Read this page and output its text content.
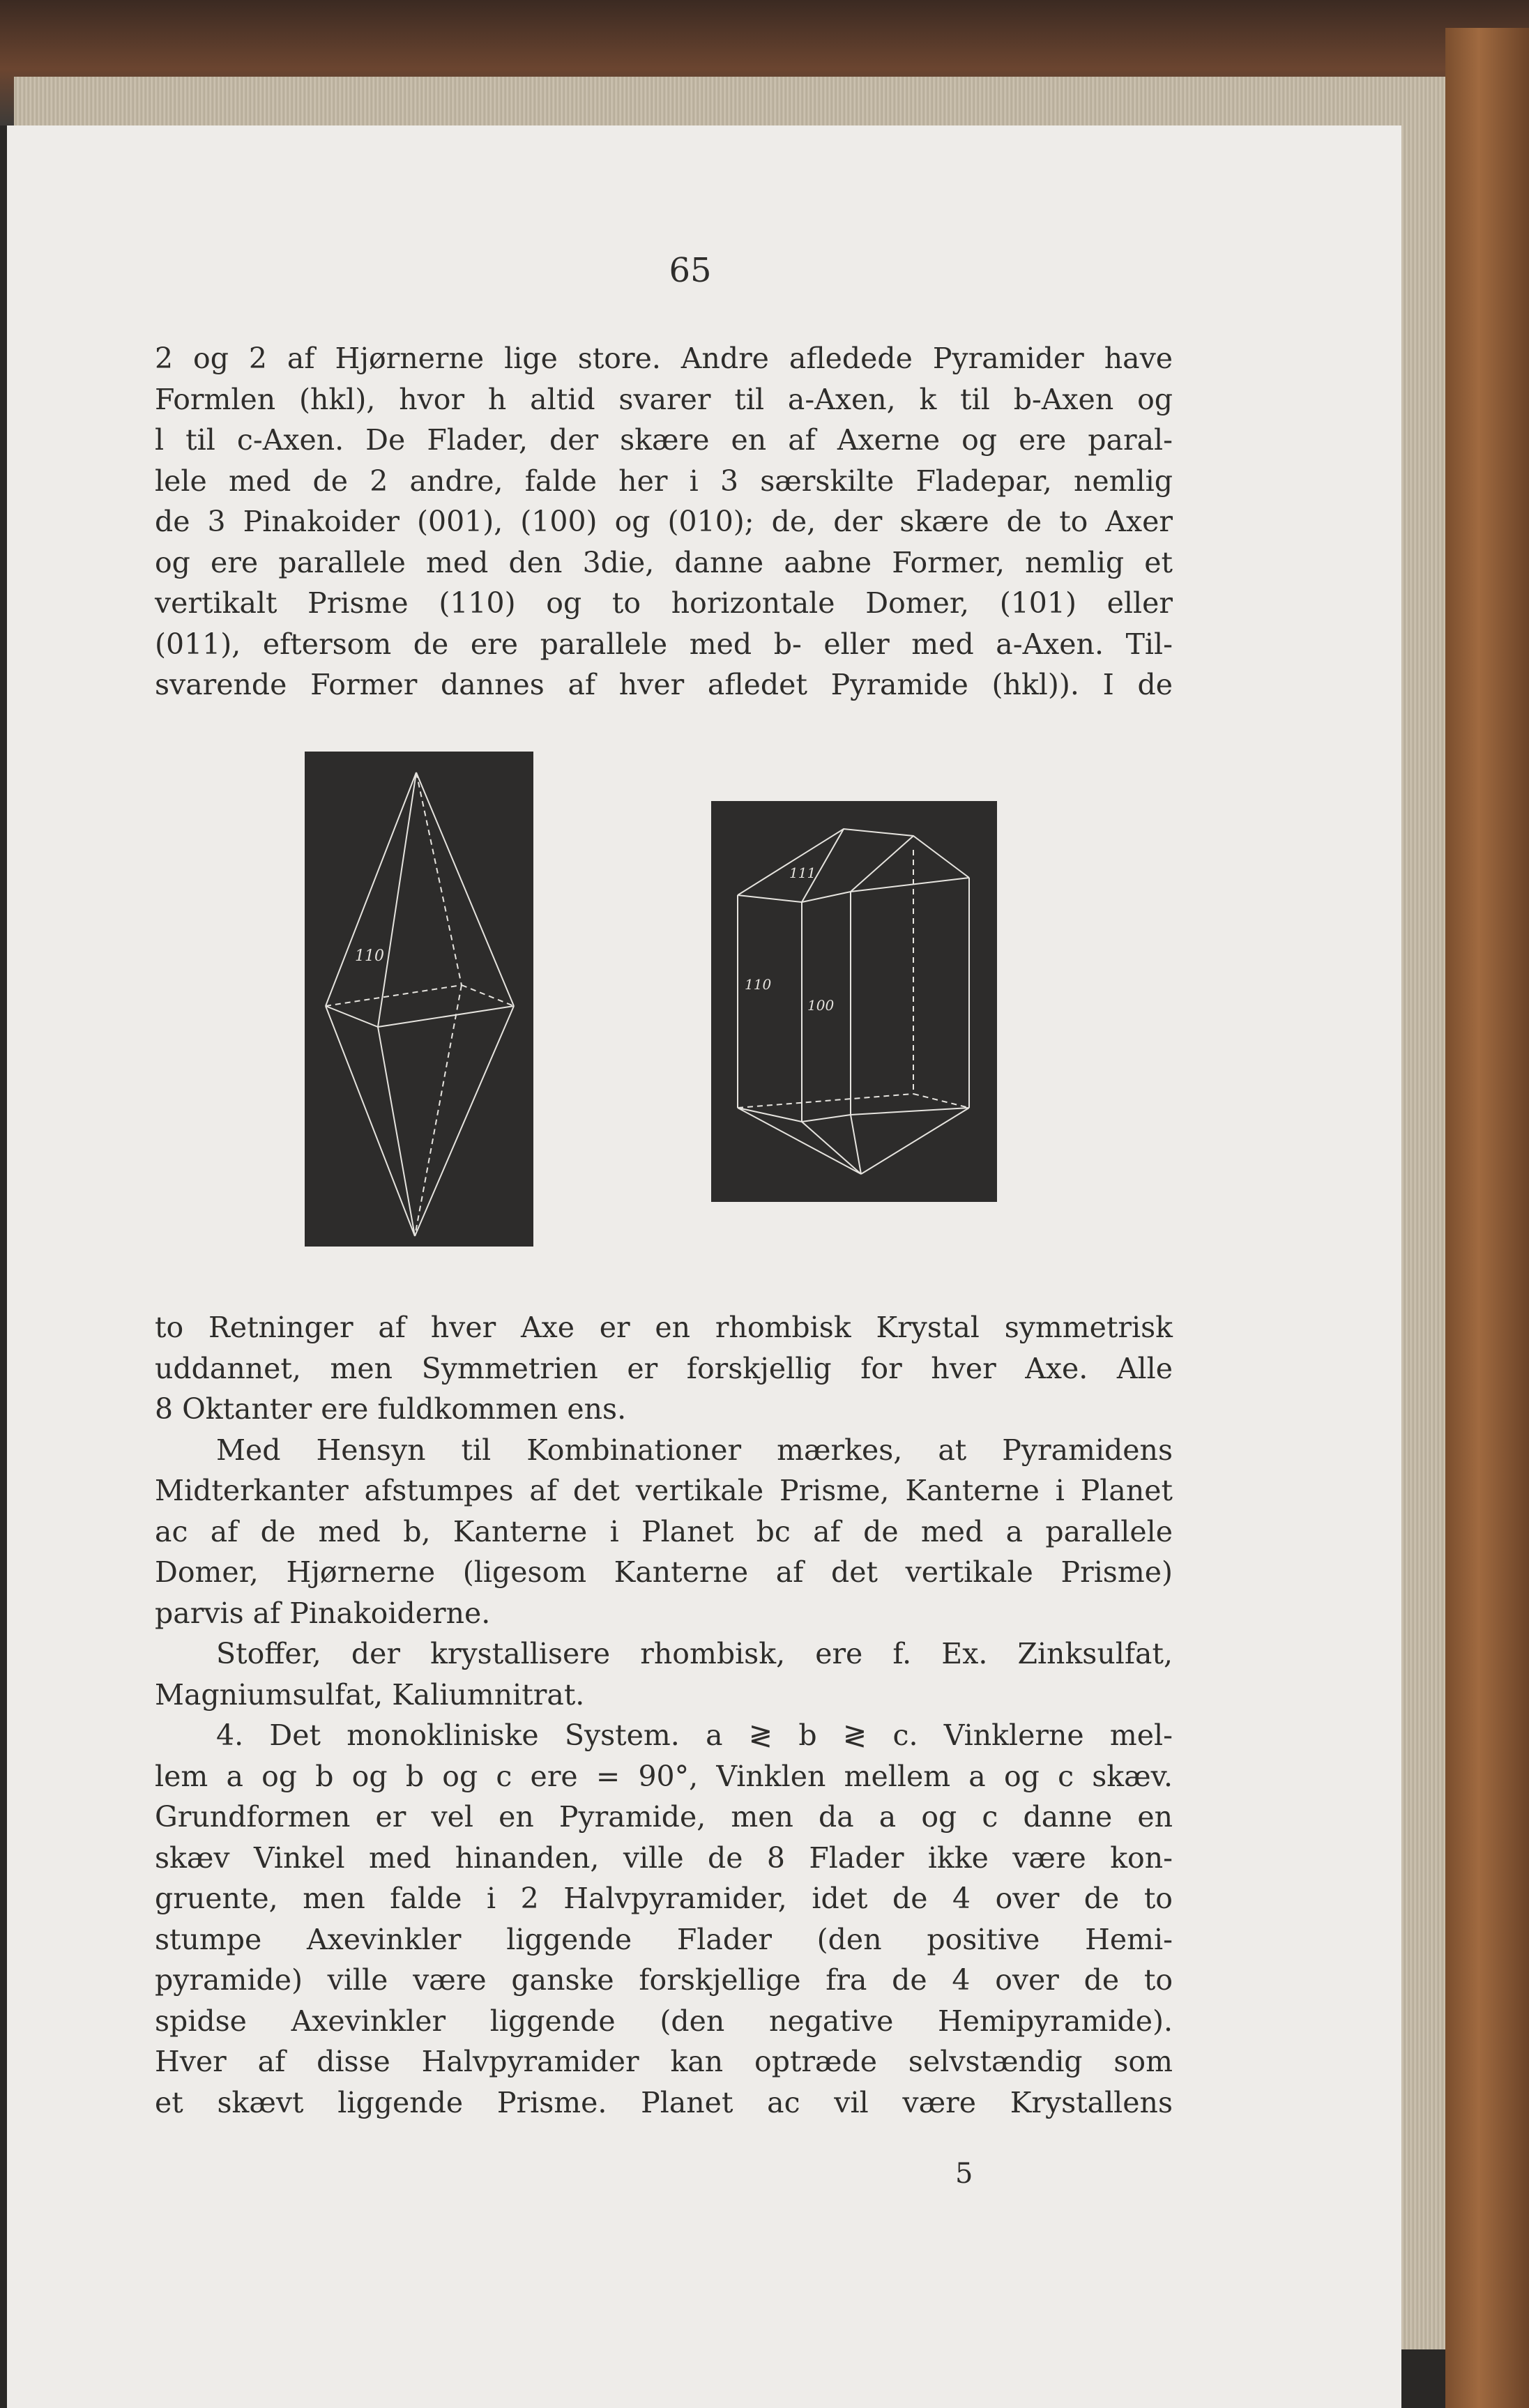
65
2 og 2 af Hjørnerne lige store. Andre afledede Pyramider have
Formlen (hkl), hvor h altid svarer til a-Axen, k til b-Axen og
l til c-Axen. De Flader, der skære en af Axerne og ere paral-
lele med de 2 andre, falde her i 3 særskilte Fladepar, nemlig
de 3 Pinakoider (001), (100) og (010); de, der skære de to Axer
og ere parallele med den 3die, danne aabne Former, nemlig et
vertikalt Prisme (110) og to horizontale Domer, (101) eller
(011), eftersom de ere parallele med b- eller med a-Axen. Til-
svarende Former dannes af hver afledet Pyramide (hkl)). I de
110
111
110
100
to Retninger af hver Axe er en rhombisk Krystal symmetrisk
uddannet, men Symmetrien er forskjellig for hver Axe. Alle
8 Oktanter ere fuldkommen ens.
Med Hensyn til Kombinationer mærkes, at Pyramidens
Midterkanter afstumpes af det vertikale Prisme, Kanterne i Planet
ac af de med b, Kanterne i Planet bc af de med a parallele
Domer, Hjørnerne (ligesom Kanterne af det vertikale Prisme)
parvis af Pinakoiderne.
Stoffer, der krystallisere rhombisk, ere f. Ex. Zinksulfat,
Magniumsulfat, Kaliumnitrat.
4. Det monokliniske System. a ≷ b ≷ c. Vinklerne mel-
lem a og b og b og c ere = 90°, Vinklen mellem a og c skæv.
Grundformen er vel en Pyramide, men da a og c danne en
skæv Vinkel med hinanden, ville de 8 Flader ikke være kon-
gruente, men falde i 2 Halvpyramider, idet de 4 over de to
stumpe Axevinkler liggende Flader (den positive Hemi-
pyramide) ville være ganske forskjellige fra de 4 over de to
spidse Axevinkler liggende (den negative Hemipyramide).
Hver af disse Halvpyramider kan optræde selvstændig som
et skævt liggende Prisme. Planet ac vil være Krystallens
5
